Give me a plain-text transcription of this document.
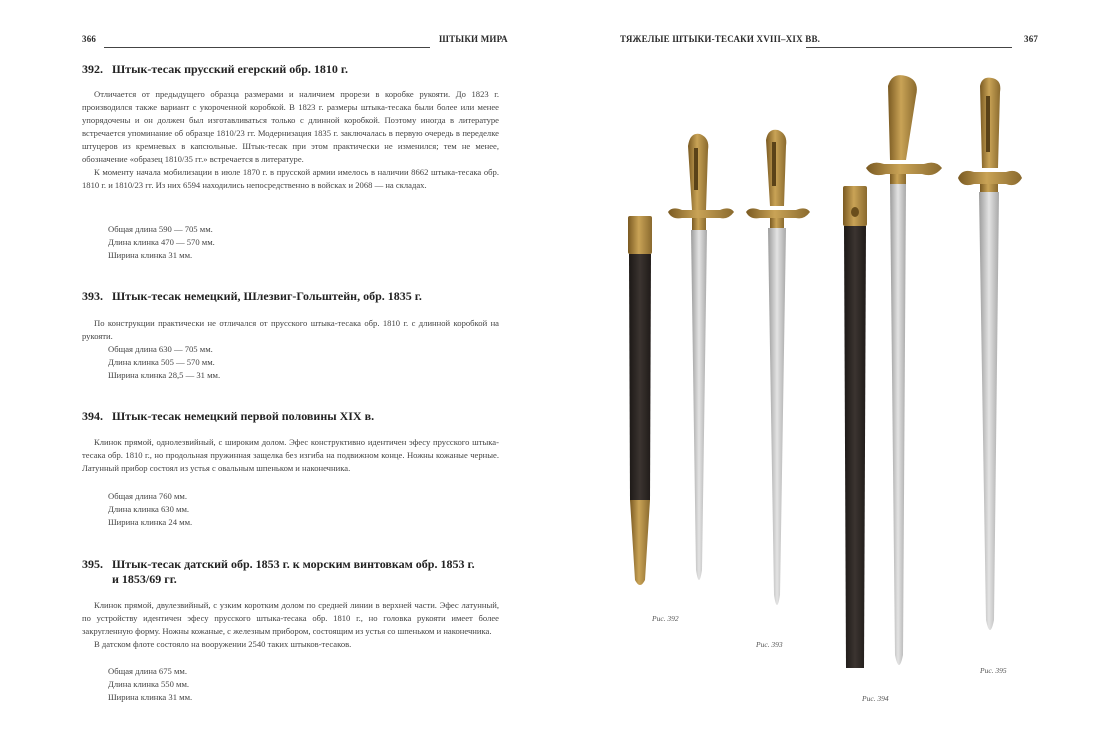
366	ШТЫКИ МИРА
392. Штык-тесак прусский егерский обр. 1810 г.

Отличается от предыдущего образца размерами и наличием прорези в коробке рукояти. До 1823 г. производился также вариант с укороченной коробкой. В 1823 г. размеры штыка-тесака были более или менее упорядочены и он должен был изготавливаться только с длинной коробкой. Поэтому иногда в литературе встречается упоминание об образце 1810/23 гг. Модернизация 1835 г. заключалась в первую очередь в переделке штуцеров из кремневых в капсюльные. Штык-тесак при этом практически не изменился; тем не менее, обозначение «образец 1810/35 гг.» встречается в литературе.

К моменту начала мобилизации в июле 1870 г. в прусской армии имелось в наличии 8662 штыка-тесака обр. 1810 г. и 1810/23 гг. Из них 6594 находились непосредственно в войсках и 2068 — на складах.

Общая длина 590 — 705 мм.
Длина клинка 470 — 570 мм.
Ширина клинка 31 мм.
393. Штык-тесак немецкий, Шлезвиг-Гольштейн, обр. 1835 г.

По конструкции практически не отличался от прусского штыка-тесака обр. 1810 г. с длинной коробкой на рукояти.

Общая длина 630 — 705 мм.
Длина клинка 505 — 570 мм.
Ширина клинка 28,5 — 31 мм.
394. Штык-тесак немецкий первой половины XIX в.

Клинок прямой, однолезвийный, с широким долом. Эфес конструктивно идентичен эфесу прусского штыка-тесака обр. 1810 г., но продольная пружинная защелка без изгиба на подвижном конце. Ножны кожаные черные. Латунный прибор состоял из устья с овальным шпеньком и наконечника.

Общая длина 760 мм.
Длина клинка 630 мм.
Ширина клинка 24 мм.
395. Штык-тесак датский обр. 1853 г. к морским винтовкам обр. 1853 г.
и 1853/69 гг.

Клинок прямой, двулезвийный, с узким коротким долом по средней линии в верхней части. Эфес латунный, по устройству идентичен эфесу прусского штыка-тесака обр. 1810 г., но головка рукояти имеет более закругленную форму. Ножны кожаные, с железным прибором, состоящим из устья со шпеньком и наконечника.

В датском флоте состояло на вооружении 2540 таких штыков-тесаков.

Общая длина 675 мм.
Длина клинка 550 мм.
Ширина клинка 31 мм.
ТЯЖЕЛЫЕ ШТЫКИ-ТЕСАКИ XVIII–XIX ВВ.	367
Рис. 392
Рис. 393
Рис. 394
Рис. 395
